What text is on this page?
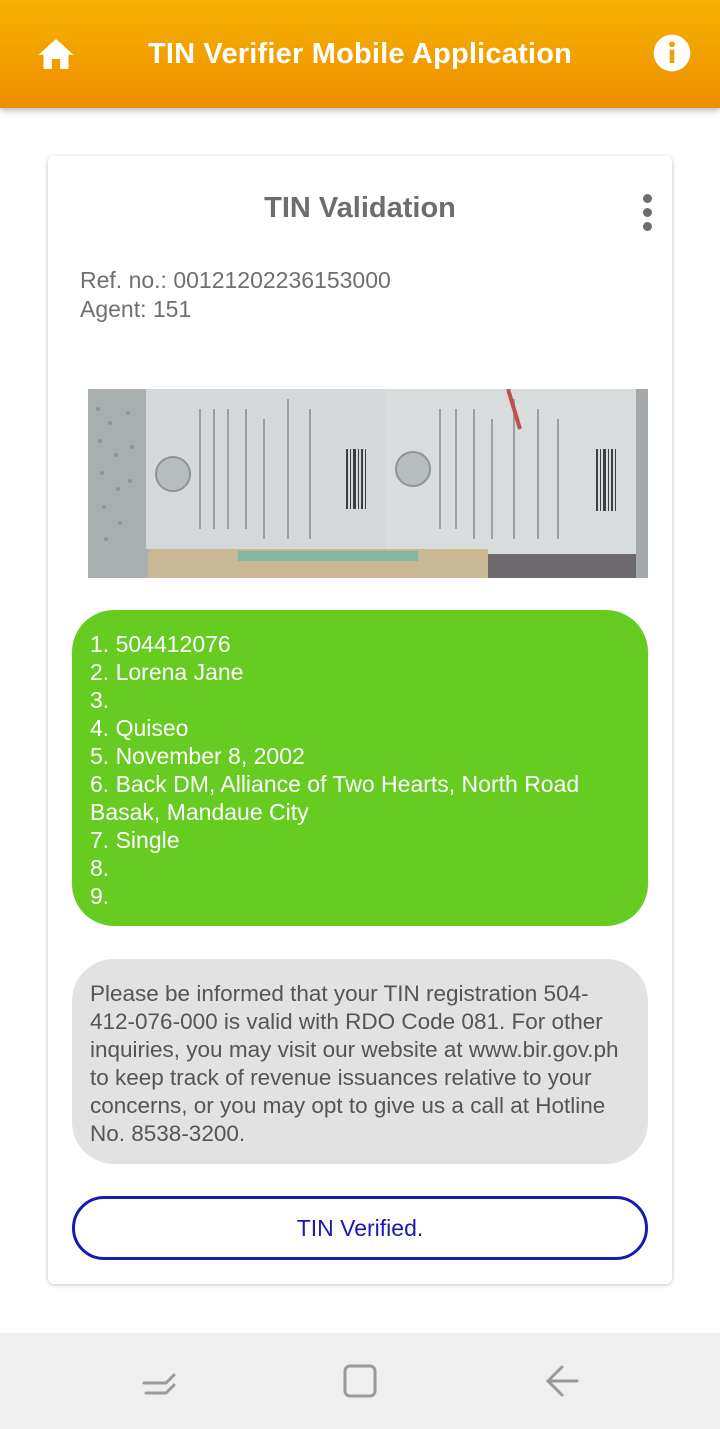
TIN Verifier Mobile Application
TIN Validation
Ref. no.: 00121202236153000
Agent: 151
1. 504412076
2. Lorena Jane
3.
4. Quiseo
5. November 8, 2002
6. Back DM, Alliance of Two Hearts, North Road Basak, Mandaue City
7. Single
8.
9.
Please be informed that your TIN registration 504-412-076-000 is valid with RDO Code 081. For other inquiries, you may visit our website at www.bir.gov.ph to keep track of revenue issuances relative to your concerns, or you may opt to give us a call at Hotline No. 8538-3200.
TIN Verified.
